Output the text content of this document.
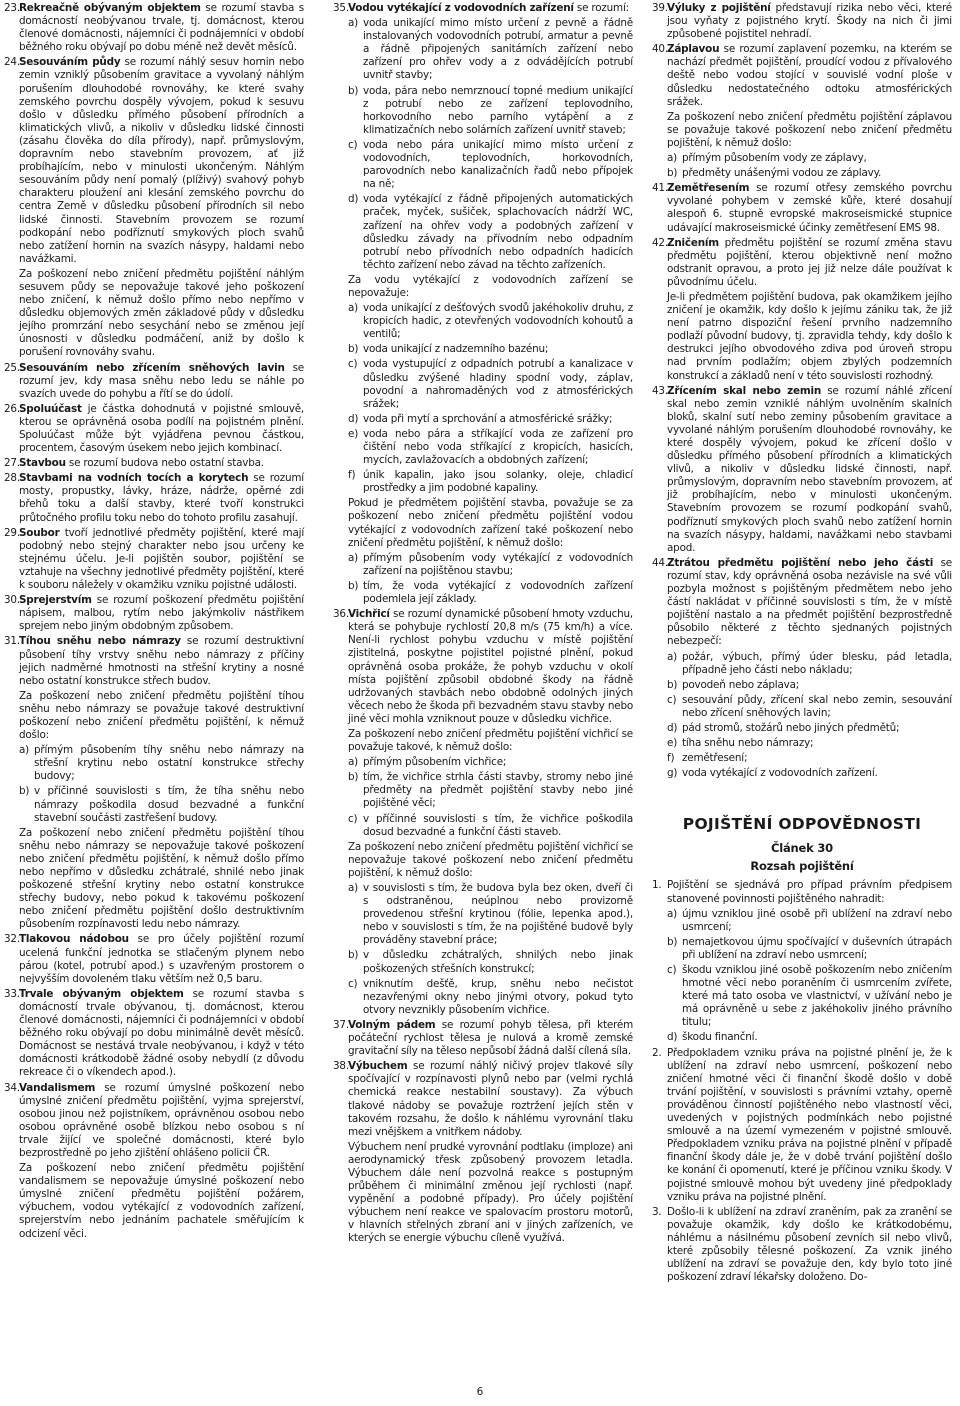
23. Rekreačně obývaným objektem se rozumí stavba s domácností neobývanou trvale, tj. domácnost, kterou členové domácnosti, nájemníci či podnájemníci v období běžného roku obývají po dobu méně než devět měsíců.
24. Sesouváním půdy se rozumí náhlý sesuv hornin nebo zemin vzniklý působením gravitace a vyvolaný náhlým porušením dlouhodobé rovnováhy, ke které svahy zemského povrchu dospěly vývojem, pokud k sesuvu došlo v důsledku přímého působení přírodních a klimatických vlivů, a nikoliv v důsledku lidské činnosti (zásahu člověka do díla přírody), např. průmyslovým, dopravním nebo stavebním provozem, ať již probíhajícím, nebo v minulosti ukončeným. Náhlým sesouváním půdy není pomalý (plíživý) svahový pohyb charakteru ploužení ani klesání zemského povrchu do centra Země v důsledku působení přírodních sil nebo lidské činnosti. Stavebním provozem se rozumí podkopání nebo podříznutí smykových ploch svahů nebo zatížení hornin na svazích násypy, haldami nebo navážkami.
Za poškození nebo zničení předmětu pojištění náhlým sesuvem půdy se nepovažuje takové jeho poškození nebo zničení, k němuž došlo přímo nebo nepřímo v důsledku objemových změn základové půdy v důsledku jejího promrzání nebo sesychání nebo se změnou její únosnosti v důsledku podmáčení, aniž by došlo k porušení rovnováhy svahu.
25. Sesouváním nebo zřícením sněhových lavin se rozumí jev, kdy masa sněhu nebo ledu se náhle po svazích uvede do pohybu a řítí se do údolí.
26. Spoluúčast je částka dohodnutá v pojistné smlouvě, kterou se oprávněná osoba podílí na pojistném plnění. Spoluúčast může být vyjádřena pevnou částkou, procentem, časovým úsekem nebo jejich kombinací.
27. Stavbou se rozumí budova nebo ostatní stavba.
28. Stavbami na vodních tocích a korytech se rozumí mosty, propustky, lávky, hráze, nádrže, opěrné zdi břehů toku a další stavby, které tvoří konstrukci průtočného profilu toku nebo do tohoto profilu zasahují.
29. Soubor tvoří jednotlivé předměty pojištění, které mají podobný nebo stejný charakter nebo jsou určeny ke stejnému účelu. Je-li pojištěn soubor, pojištění se vztahuje na všechny jednotlivé předměty pojištění, které k souboru náležely v okamžiku vzniku pojistné události.
30. Sprejerstvím se rozumí poškození předmětu pojištění nápisem, malbou, rytím nebo jakýmkoliv nástřikem sprejem nebo jiným obdobným způsobem.
31. Tíhou sněhu nebo námrazy se rozumí destruktivní působení tíhy vrstvy sněhu nebo námrazy z příčiny jejich nadměrné hmotnosti na střešní krytiny a nosné nebo ostatní konstrukce střech budov.
Za poškození nebo zničení předmětu pojištění tíhou sněhu nebo námrazy se považuje takové destruktivní poškození nebo zničení předmětu pojištění, k němuž došlo:
a) přímým působením tíhy sněhu nebo námrazy na střešní krytinu nebo ostatní konstrukce střechy budovy;
b) v příčinné souvislosti s tím, že tíha sněhu nebo námrazy poškodila dosud bezvadné a funkční stavební součásti zastřešení budovy.
Za poškození nebo zničení předmětu pojištění tíhou sněhu nebo námrazy se nepovažuje takové poškození nebo zničení předmětu pojištění, k němuž došlo přímo nebo nepřímo v důsledku zchátralé, shnilé nebo jinak poškozené střešní krytiny nebo ostatní konstrukce střechy budovy, nebo pokud k takovému poškození nebo zničení předmětu pojištění došlo destruktivním působením rozpínavosti ledu nebo námrazy.
32. Tlakovou nádobou se pro účely pojištění rozumí ucelená funkční jednotka se stlačeným plynem nebo párou (kotel, potrubí apod.) s uzavřeným prostorem o nejvyšším dovoleném tlaku větším než 0,5 baru.
33. Trvale obývaným objektem se rozumí stavba s domácností trvale obývanou, tj. domácnost, kterou členové domácnosti, nájemníci či podnájemníci v období běžného roku obývají po dobu minimálně devět měsíců. Domácnost se nestává trvale neobývanou, i když v této domácnosti krátkodobě žádné osoby nebydlí (z důvodu rekreace či o víkendech apod.).
34. Vandalismem se rozumí úmyslné poškození nebo úmyslné zničení předmětu pojištění, vyjma sprejerství, osobou jinou než pojistníkem, oprávněnou osobou nebo osobou oprávněné osobě blízkou nebo osobou s ní trvale žijící ve společné domácnosti, které bylo bezprostředně po jeho zjištění ohlášeno policii ČR.
Za poškození nebo zničení předmětu pojištění vandalismem se nepovažuje úmyslné poškození nebo úmyslné zničení předmětu pojištění požárem, výbuchem, vodou vytékající z vodovodních zařízení, sprejerstvím nebo jednáním pachatele směřujícím k odcizení věci.
35. Vodou vytékající z vodovodních zařízení se rozumí:
a) voda unikající mimo místo určení z pevně a řádně instalovaných vodovodních potrubí, armatur a pevně a řádně připojených sanitárních zařízení nebo zařízení pro ohřev vody a z odvádějících potrubí uvnitř stavby;
b) voda, pára nebo nemrznoucí topné medium unikající z potrubí nebo ze zařízení teplovodního, horkovodního nebo parního vytápění a z klimatizačních nebo solárních zařízení uvnitř staveb;
c) voda nebo pára unikající mimo místo určení z vodovodních, teplovodních, horkovodních, parovodních nebo kanalizačních řadů nebo přípojek na ně;
d) voda vytékající z řádně připojených automatických praček, myček, sušiček, splachovacích nádrží WC, zařízení na ohřev vody a podobných zařízení v důsledku závady na přívodním nebo odpadním potrubí nebo přívodních nebo odpadních hadicích těchto zařízení nebo závad na těchto zařízeních.
Za vodu vytékající z vodovodních zařízení se nepovažuje:
a) voda unikající z dešťových svodů jakéhokoliv druhu, z kropicích hadic, z otevřených vodovodních kohoutů a ventilů;
b) voda unikající z nadzemního bazénu;
c) voda vystupující z odpadních potrubí a kanalizace v důsledku zvýšené hladiny spodní vody, záplav, povodní a nahromaděných vod z atmosférických srážek;
d) voda při mytí a sprchování a atmosférické srážky;
e) voda nebo pára a stříkající voda ze zařízení pro čištění nebo voda stříkající z kropicích, hasicích, mycích, zavlažovacích a obdobných zařízení;
f) únik kapalin, jako jsou solanky, oleje, chladicí prostředky a jim podobné kapaliny.
Pokud je předmětem pojištění stavba, považuje se za poškození nebo zničení předmětu pojištění vodou vytékající z vodovodních zařízení také poškození nebo zničení předmětu pojištění, k němuž došlo:
a) přímým působením vody vytékající z vodovodních zařízení na pojištěnou stavbu;
b) tím, že voda vytékající z vodovodních zařízení podemlela její základy.
36. Vichřicí se rozumí dynamické působení hmoty vzduchu, která se pohybuje rychlostí 20,8 m/s (75 km/h) a více. Není-li rychlost pohybu vzduchu v místě pojištění zjistitelná, poskytne pojistitel pojistné plnění, pokud oprávněná osoba prokáže, že pohyb vzduchu v okolí místa pojištění způsobil obdobné škody na řádně udržovaných stavbách nebo obdobně odolných jiných věcech nebo že škoda při bezvadném stavu stavby nebo jiné věci mohla vzniknout pouze v důsledku vichřice.
Za poškození nebo zničení předmětu pojištění vichřicí se považuje takové, k němuž došlo:
a) přímým působením vichřice;
b) tím, že vichřice strhla části stavby, stromy nebo jiné předměty na předmět pojištění stavby nebo jiné pojištěné věci;
c) v příčinné souvislosti s tím, že vichřice poškodila dosud bezvadné a funkční části staveb.
Za poškození nebo zničení předmětu pojištění vichřicí se nepovažuje takové poškození nebo zničení předmětu pojištění, k němuž došlo:
a) v souvislosti s tím, že budova byla bez oken, dveří či s odstraněnou, neúplnou nebo provizorně provedenou střešní krytinou (fólie, lepenka apod.), nebo v souvislosti s tím, že na pojištěné budově byly prováděny stavební práce;
b) v důsledku zchátralých, shnilých nebo jinak poškozených střešních konstrukcí;
c) vniknutím dešťě, krup, sněhu nebo nečistot nezavřenými okny nebo jinými otvory, pokud tyto otvory nevznikly působením vichřice.
37. Volným pádem se rozumí pohyb tělesa, při kterém počáteční rychlost tělesa je nulová a kromě zemské gravitační síly na těleso nepůsobí žádná další cílená síla.
38. Výbuchem se rozumí náhlý ničivý projev tlakové síly spočívající v rozpínavosti plynů nebo par (velmi rychlá chemická reakce nestabilní soustavy). Za výbuch tlakové nádoby se považuje roztržení jejích stěn v takovém rozsahu, že došlo k náhlému vyrovnání tlaku mezi vnějškem a vnitřkem nádoby.
Výbuchem není prudké vyrovnání podtlaku (implozе) ani aerodynamický třesk způsobený provozem letadla. Výbuchem dále není pozvolná reakce s postupným průběhem či minimální změnou její rychlosti (např. vypěnění a podobné případy). Pro účely pojištění výbuchem není reakce ve spalovacím prostoru motorů, v hlavních střelných zbraní ani v jiných zařízeních, ve kterých se energie výbuchu cíleně využívá.
39. Výluky z pojištění představují rizika nebo věci, které jsou vyňaty z pojistného krytí. Škody na nich či jimi způsobené pojistitel nehradí.
40. Záplavou se rozumí zaplavení pozemku, na kterém se nachází předmět pojištění, proudící vodou z přívalového deště nebo vodou stojící v souvislé vodní ploše v důsledku nedostatečného odtoku atmosférických srážek.
Za poškození nebo zničení předmětu pojištění záplavou se považuje takové poškození nebo zničení předmětu pojištění, k němuž došlo:
a) přímým působením vody ze záplavy,
b) předměty unášenými vodou ze záplavy.
41. Zemětřesením se rozumí otřesy zemského povrchu vyvolané pohybem v zemské kůře, které dosahují alespoň 6. stupně evropské makroseismické stupnice udávající makroseismické účinky zemětřesení EMS 98.
42. Zničením předmětu pojištění se rozumí změna stavu předmětu pojištění, kterou objektivně není možno odstranit opravou, a proto jej již nelze dále používat k původnímu účelu.
Je-li předmětem pojištění budova, pak okamžikem jejího zničení je okamžik, kdy došlo k jejímu zániku tak, že již není patrno dispoziční řešení prvního nadzemního podlaží původní budovy, tj. zpravidla tehdy, kdy došlo k destrukci jejího obvodového zdiva pod úroveň stropu nad prvním podlažím; objem zbylých podzemních konstrukcí a základů není v této souvislosti rozhodný.
43. Zřícením skal nebo zemin se rozumí náhlé zřícení skal nebo zemin vzniklé náhlým uvolněním skalních bloků, skalní sutí nebo zeminy působením gravitace a vyvolané náhlým porušením dlouhodobé rovnováhy, ke které dospěly vývojem, pokud ke zřícení došlo v důsledku přímého působení přírodních a klimatických vlivů, a nikoliv v důsledku lidské činnosti, např. průmyslovým, dopravním nebo stavebním provozem, ať již probíhajícím, nebo v minulosti ukončeným. Stavebním provozem se rozumí podkopání svahů, podříznutí smykových ploch svahů nebo zatížení hornin na svazích násypy, haldami, navážkami nebo stavbami apod.
44. Ztrátou předmětu pojištění nebo jeho části se rozumí stav, kdy oprávněná osoba nezávisle na své vůli pozbyla možnost s pojištěným předmětem nebo jeho částí nakládat v příčinné souvislosti s tím, že v místě pojištění nastalo a na předmět pojištění bezprostředně působilo některé z těchto sjednaných pojistných nebezpečí:
a) požár, výbuch, přímý úder blesku, pád letadla, případně jeho části nebo nákladu;
b) povodeň nebo záplava;
c) sesouvání půdy, zřícení skal nebo zemin, sesouvání nebo zřícení sněhových lavin;
d) pád stromů, stožárů nebo jiných předmětů;
e) tíha sněhu nebo námrazy;
f) zemětřesení;
g) voda vytékající z vodovodních zařízení.
POJIŠTĚNÍ ODPOVĚDNOSTI
Článek 30
Rozsah pojištění
1. Pojištění se sjednává pro případ právním předpisem stanovené povinnosti pojištěného nahradit:
a) újmu vzniklou jiné osobě při ublížení na zdraví nebo usmrcení;
b) nemajetkovou újmu spočívající v duševních útrapách při ublížení na zdraví nebo usmrcení;
c) škodu vzniklou jiné osobě poškozením nebo zničením hmotné věci nebo poraněním či usmrcením zvířete, které má tato osoba ve vlastnictví, v užívání nebo je má oprávněně u sebe z jakéhokoliv jiného právního titulu;
d) škodu finanční.
2. Předpokladem vzniku práva na pojistné plnění je, že k ublížení na zdraví nebo usmrcení, poškození nebo zničení hmotné věci či finanční škodě došlo v době trvání pojištění, v souvislosti s právními vztahy, operně prováděnou činností pojištěného nebo vlastností věci, uvedených v pojistných podmínkách nebo pojistné smlouvě a na území vymezeném v pojistné smlouvě. Předpokladem vzniku práva na pojistné plnění v případě finanční škody dále je, že v době trvání pojištění došlo ke konání či opomenutí, které je příčinou vzniku škody. V pojistné smlouvě mohou být uvedeny jiné předpoklady vzniku práva na pojistné plnění.
3. Došlo-li k ublížení na zdraví zraněním, pak za zranění se považuje okamžik, kdy došlo ke krátkodobému, náhlému a násilnému působení zevních sil nebo vlivů, které způsobily tělesné poškození. Za vznik jiného ublížení na zdraví se považuje den, kdy bylo toto jiné poškození zdraví lékařsky doloženo. Do-
6
